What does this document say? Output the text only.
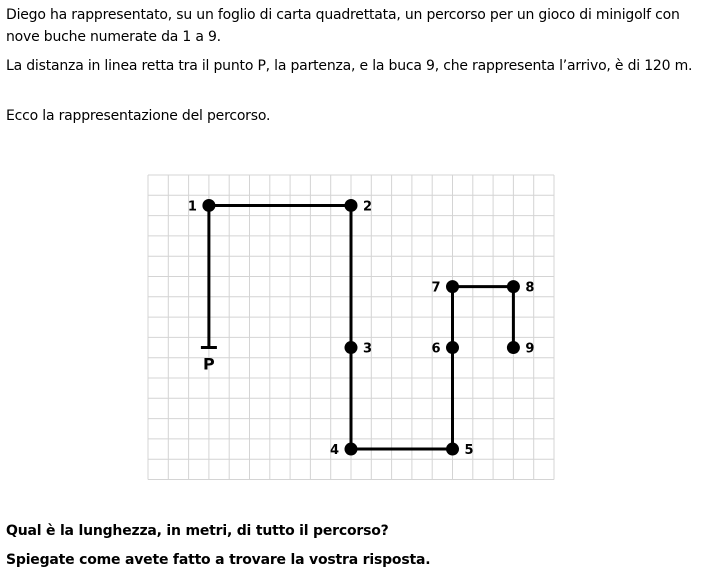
Diego ha rappresentato, su un foglio di carta quadrettata, un percorso per un gioco di minigolf con nove buche numerate da 1 a 9.

La distanza in linea retta tra il punto P, la partenza, e la buca 9, che rappresenta l’arrivo, è di 120 m.

Ecco la rappresentazione del percorso.

P
1	2
3
4	5
6
7	8
9

Qual è la lunghezza, in metri, di tutto il percorso?

Spiegate come avete fatto a trovare la vostra risposta.
